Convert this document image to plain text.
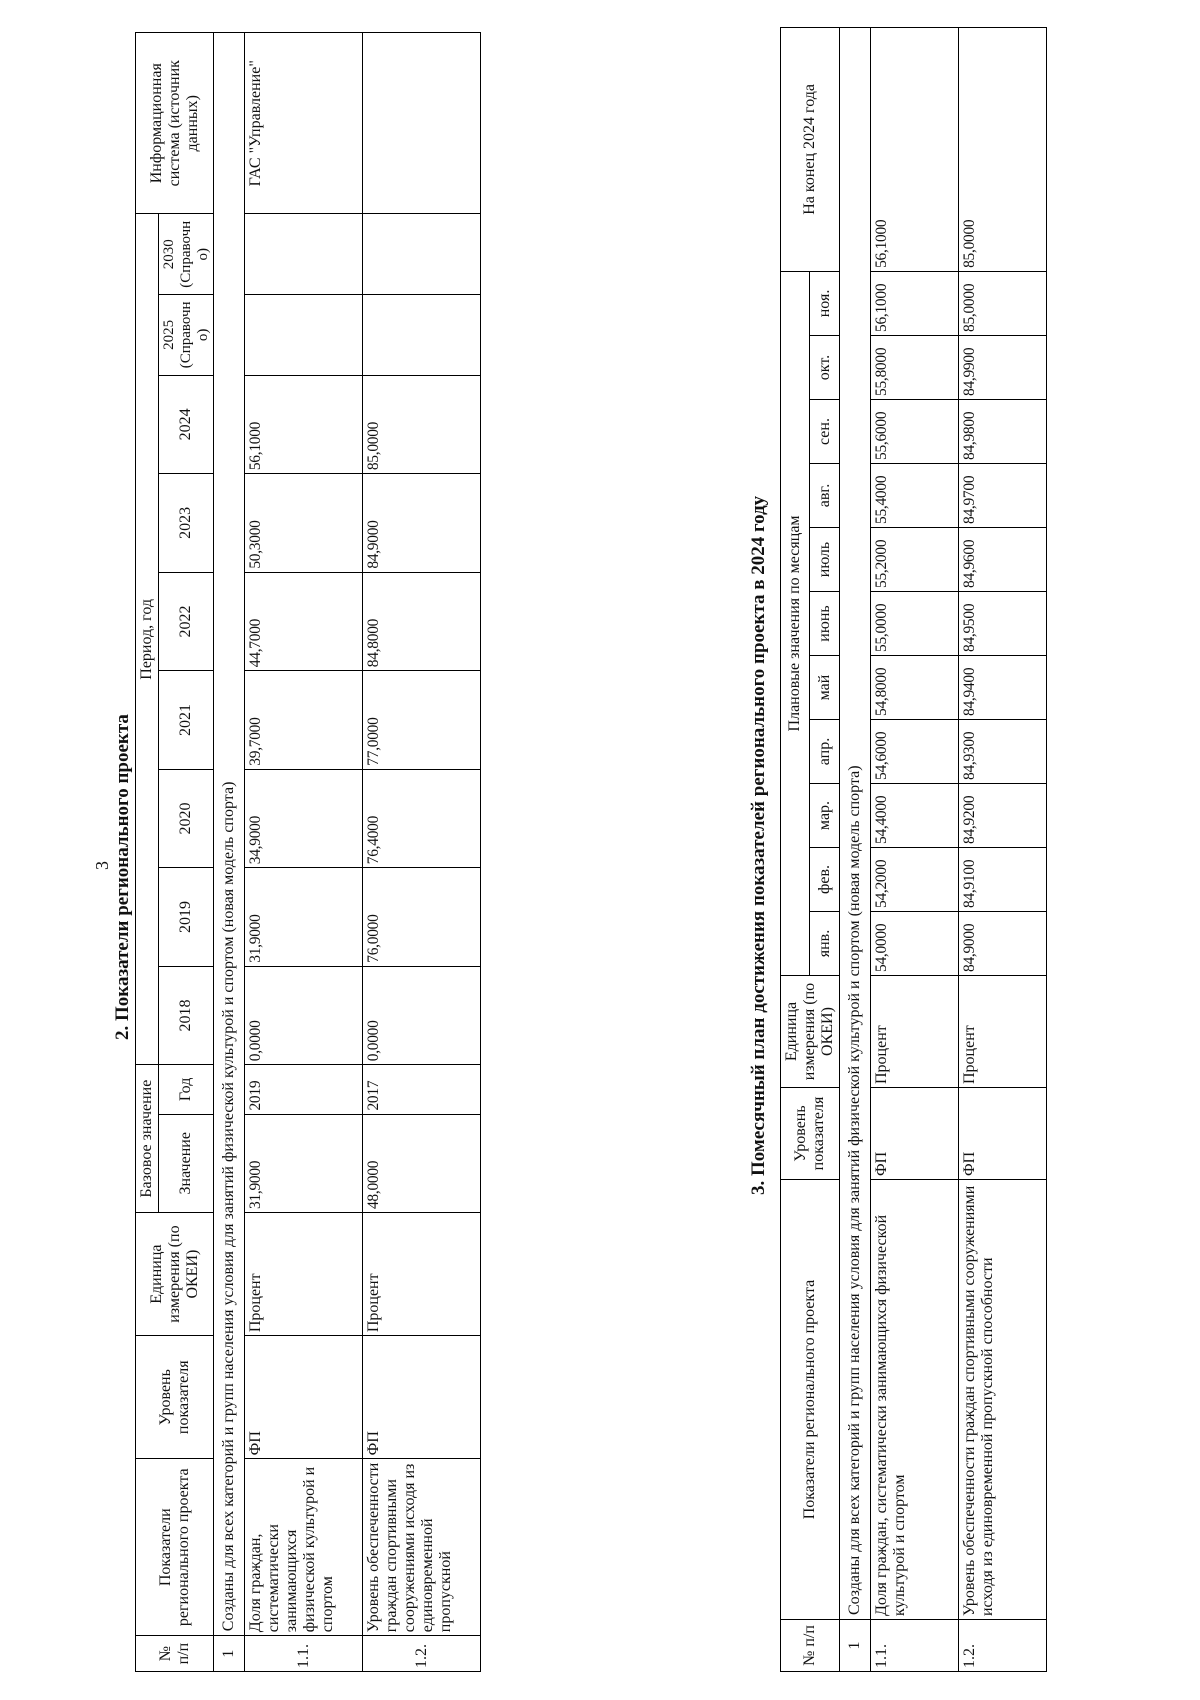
3 2. Показатели регионального проекта
№ п/п	Показатели регионального проекта	Уровень показателя	Единица измерения (по ОКЕИ)	Базовое значение		Период, год									Информационная система (источник данных)
				Значение	Год	2018	2019	2020	2021	2022	2023	2024	2025 (Справочно)	2030 (Справочно)	
1	Созданы для всех категорий и групп населения условия для занятий физической культурой и спортом (новая модель спорта)														
1.1.	Доля граждан, систематически занимающихся физической культурой и спортом	ФП	Процент	31,9000	2019	0,0000	31,9000	34,9000	39,7000	44,7000	50,3000	56,1000			ГАС "Управление"
1.2.	Уровень обеспеченности граждан спортивными сооружениями исходя из единовременной пропускной	ФП	Процент	48,0000	2017	0,0000	76,0000	76,4000	77,0000	84,8000	84,9000	85,0000			
3. Помесячный план достижения показателей регионального проекта в 2024 году
№ п/п	Показатели регионального проекта	Уровень показателя	Единица измерения (по ОКЕИ)	Плановые значения по месяцам											На конец 2024 года
				янв.	фев.	мар.	апр.	май	июнь	июль	авг.	сен.	окт.	ноя.	
1	Созданы для всех категорий и групп населения условия для занятий физической культурой и спортом (новая модель спорта)														
1.1.	Доля граждан, систематически занимающихся физической культурой и спортом	ФП	Процент	54,0000	54,2000	54,4000	54,6000	54,8000	55,0000	55,2000	55,4000	55,6000	55,8000	56,1000	56,1000
1.2.	Уровень обеспеченности граждан спортивными сооружениями исходя из единовременной пропускной способности	ФП	Процент	84,9000	84,9100	84,9200	84,9300	84,9400	84,9500	84,9600	84,9700	84,9800	84,9900	85,0000	85,0000
